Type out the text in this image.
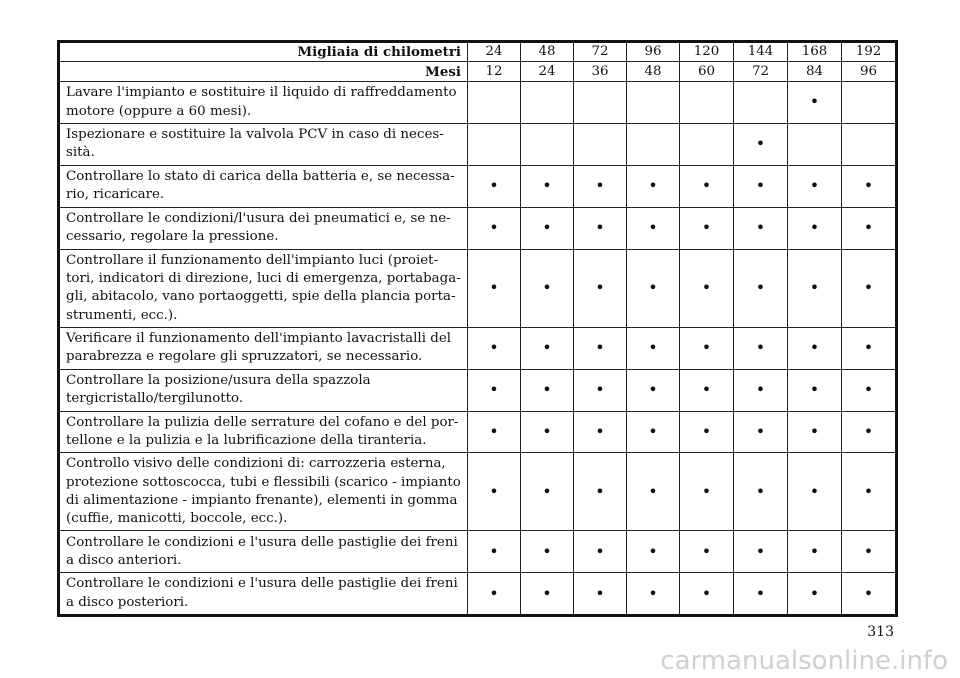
Migliaia di chilometri	24	48	72	96	120	144	168	192
Mesi	12	24	36	48	60	72	84	96
Lavare l'impianto e sostituire il liquido di raffreddamento motore (oppure a 60 mesi).							•	
Ispezionare e sostituire la valvola PCV in caso di neces- sità.						•		
Controllare lo stato di carica della batteria e, se necessa- rio, ricaricare.	•	•	•	•	•	•	•	•
Controllare le condizioni/l'usura dei pneumatici e, se ne- cessario, regolare la pressione.	•	•	•	•	•	•	•	•
Controllare il funzionamento dell'impianto luci (proiet- tori, indicatori di direzione, luci di emergenza, portabaga- gli, abitacolo, vano portaoggetti, spie della plancia porta- strumenti, ecc.).	•	•	•	•	•	•	•	•
Verificare il funzionamento dell'impianto lavacristalli del parabrezza e regolare gli spruzzatori, se necessario.	•	•	•	•	•	•	•	•
Controllare la posizione/usura della spazzola tergicristallo/tergilunotto.	•	•	•	•	•	•	•	•
Controllare la pulizia delle serrature del cofano e del por- tellone e la pulizia e la lubrificazione della tiranteria.	•	•	•	•	•	•	•	•
Controllo visivo delle condizioni di: carrozzeria esterna, protezione sottoscocca, tubi e flessibili (scarico - impianto di alimentazione - impianto frenante), elementi in gomma (cuffie, manicotti, boccole, ecc.).	•	•	•	•	•	•	•	•
Controllare le condizioni e l'usura delle pastiglie dei freni a disco anteriori.	•	•	•	•	•	•	•	•
Controllare le condizioni e l'usura delle pastiglie dei freni a disco posteriori.	•	•	•	•	•	•	•	•
313
carmanualsonline.info
